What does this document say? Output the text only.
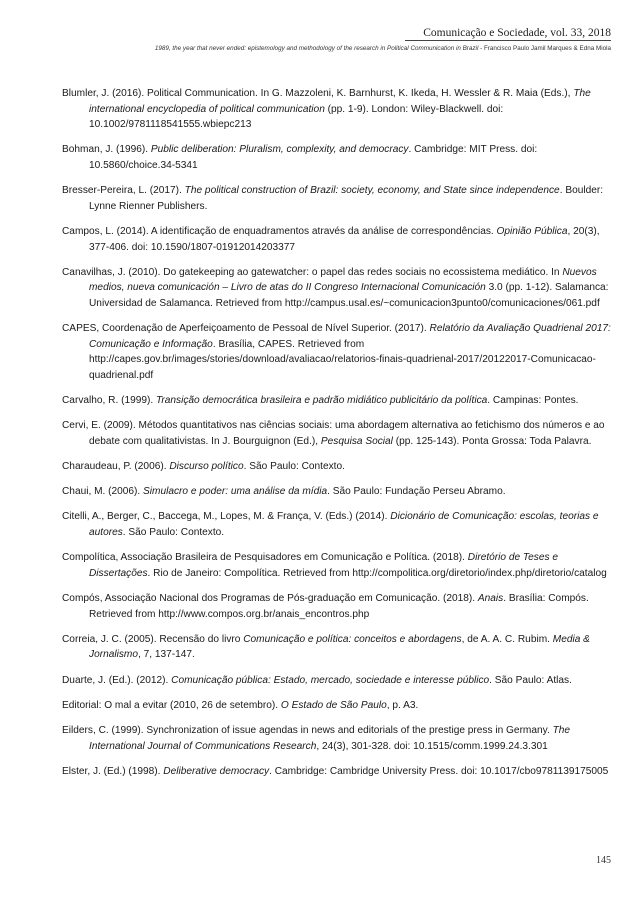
Comunicação e Sociedade, vol. 33, 2018
1989, the year that never ended: epistemology and methodology of the research in Political Communication in Brazil - Francisco Paulo Jamil Marques & Edna Miola

Blumler, J. (2016). Political Communication. In G. Mazzoleni, K. Barnhurst, K. Ikeda, H. Wessler & R. Maia (Eds.), The international encyclopedia of political communication (pp. 1-9). London: Wiley-Blackwell. doi: 10.1002/9781118541555.wbiepc213

Bohman, J. (1996). Public deliberation: Pluralism, complexity, and democracy. Cambridge: MIT Press. doi: 10.5860/choice.34-5341

Bresser-Pereira, L. (2017). The political construction of Brazil: society, economy, and State since independence. Boulder: Lynne Rienner Publishers.

Campos, L. (2014). A identificação de enquadramentos através da análise de correspondências. Opinião Pública, 20(3), 377-406. doi: 10.1590/1807-01912014203377

Canavilhas, J. (2010). Do gatekeeping ao gatewatcher: o papel das redes sociais no ecossistema mediático. In Nuevos medios, nueva comunicación – Livro de atas do II Congreso Internacional Comunicación 3.0 (pp. 1-12). Salamanca: Universidad de Salamanca. Retrieved from http://campus.usal.es/~comunicacion3punto0/comunicaciones/061.pdf

CAPES, Coordenação de Aperfeiçoamento de Pessoal de Nível Superior. (2017). Relatório da Avaliação Quadrienal 2017: Comunicação e Informação. Brasília, CAPES. Retrieved from http://capes.gov.br/images/stories/download/avaliacao/relatorios-finais-quadrienal-2017/20122017-Comunicacao-quadrienal.pdf

Carvalho, R. (1999). Transição democrática brasileira e padrão midiático publicitário da política. Campinas: Pontes.

Cervi, E. (2009). Métodos quantitativos nas ciências sociais: uma abordagem alternativa ao fetichismo dos números e ao debate com qualitativistas. In J. Bourguignon (Ed.), Pesquisa Social (pp. 125-143). Ponta Grossa: Toda Palavra.

Charaudeau, P. (2006). Discurso político. São Paulo: Contexto.

Chaui, M. (2006). Simulacro e poder: uma análise da mídia. São Paulo: Fundação Perseu Abramo.

Citelli, A., Berger, C., Baccega, M., Lopes, M. & França, V. (Eds.) (2014). Dicionário de Comunicação: escolas, teorias e autores. São Paulo: Contexto.

Compolítica, Associação Brasileira de Pesquisadores em Comunicação e Política. (2018). Diretório de Teses e Dissertações. Rio de Janeiro: Compolítica. Retrieved from http://compolitica.org/diretorio/index.php/diretorio/catalog

Compós, Associação Nacional dos Programas de Pós-graduação em Comunicação. (2018). Anais. Brasília: Compós. Retrieved from http://www.compos.org.br/anais_encontros.php

Correia, J. C. (2005). Recensão do livro Comunicação e política: conceitos e abordagens, de A. A. C. Rubim. Media & Jornalismo, 7, 137-147.

Duarte, J. (Ed.). (2012). Comunicação pública: Estado, mercado, sociedade e interesse público. São Paulo: Atlas.

Editorial: O mal a evitar (2010, 26 de setembro). O Estado de São Paulo, p. A3.

Eilders, C. (1999). Synchronization of issue agendas in news and editorials of the prestige press in Germany. The International Journal of Communications Research, 24(3), 301-328. doi: 10.1515/comm.1999.24.3.301

Elster, J. (Ed.) (1998). Deliberative democracy. Cambridge: Cambridge University Press. doi: 10.1017/cbo9781139175005

145
